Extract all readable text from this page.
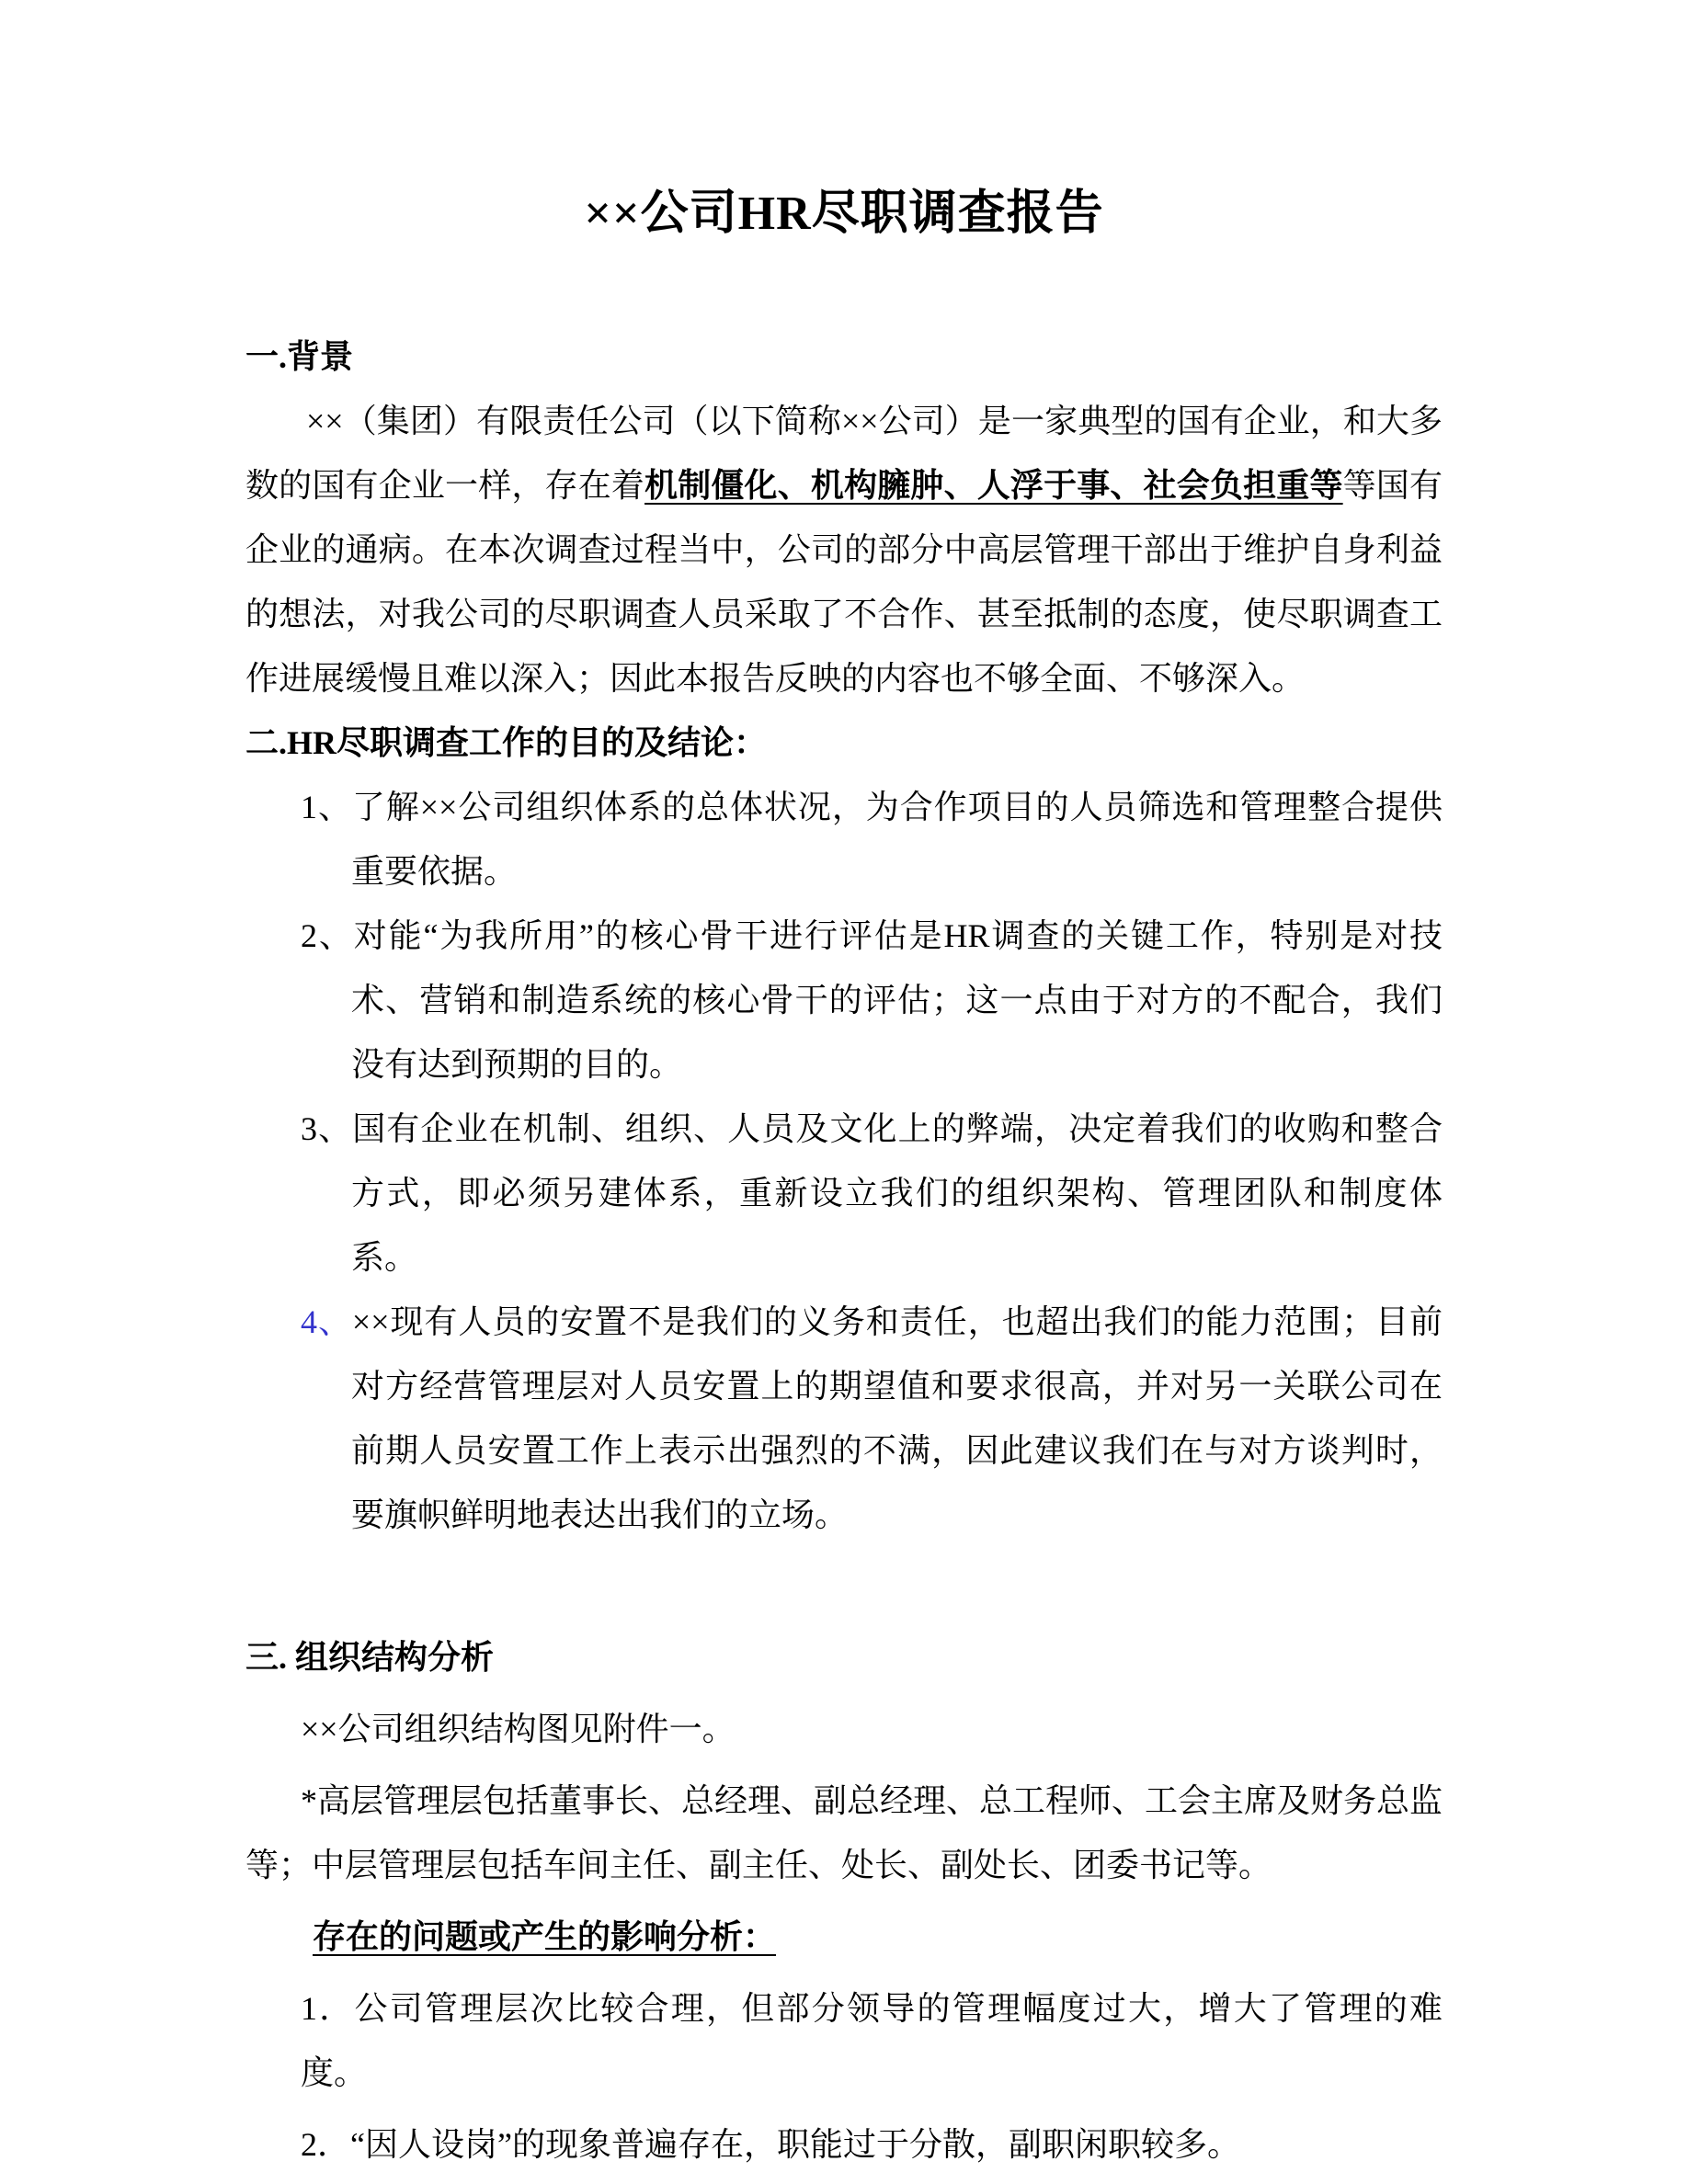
××公司HR尽职调查报告
一.背景

××（集团）有限责任公司（以下简称××公司）是一家典型的国有企业，和大多数的国有企业一样，存在着机制僵化、机构臃肿、人浮于事、社会负担重等等国有企业的通病。在本次调查过程当中，公司的部分中高层管理干部出于维护自身利益的想法，对我公司的尽职调查人员采取了不合作、甚至抵制的态度，使尽职调查工作进展缓慢且难以深入；因此本报告反映的内容也不够全面、不够深入。

二.HR尽职调查工作的目的及结论：
1、了解××公司组织体系的总体状况，为合作项目的人员筛选和管理整合提供重要依据。
2、对能“为我所用”的核心骨干进行评估是HR调查的关键工作，特别是对技术、营销和制造系统的核心骨干的评估；这一点由于对方的不配合，我们没有达到预期的目的。
3、国有企业在机制、组织、人员及文化上的弊端，决定着我们的收购和整合方式，即必须另建体系，重新设立我们的组织架构、管理团队和制度体系。
4、××现有人员的安置不是我们的义务和责任，也超出我们的能力范围；目前对方经营管理层对人员安置上的期望值和要求很高，并对另一关联公司在前期人员安置工作上表示出强烈的不满，因此建议我们在与对方谈判时，要旗帜鲜明地表达出我们的立场。
三. 组织结构分析

××公司组织结构图见附件一。

*高层管理层包括董事长、总经理、副总经理、总工程师、工会主席及财务总监等；中层管理层包括车间主任、副主任、处长、副处长、团委书记等。

存在的问题或产生的影响分析：

1．公司管理层次比较合理，但部分领导的管理幅度过大，增大了管理的难度。

2．“因人设岗”的现象普遍存在，职能过于分散，副职闲职较多。
